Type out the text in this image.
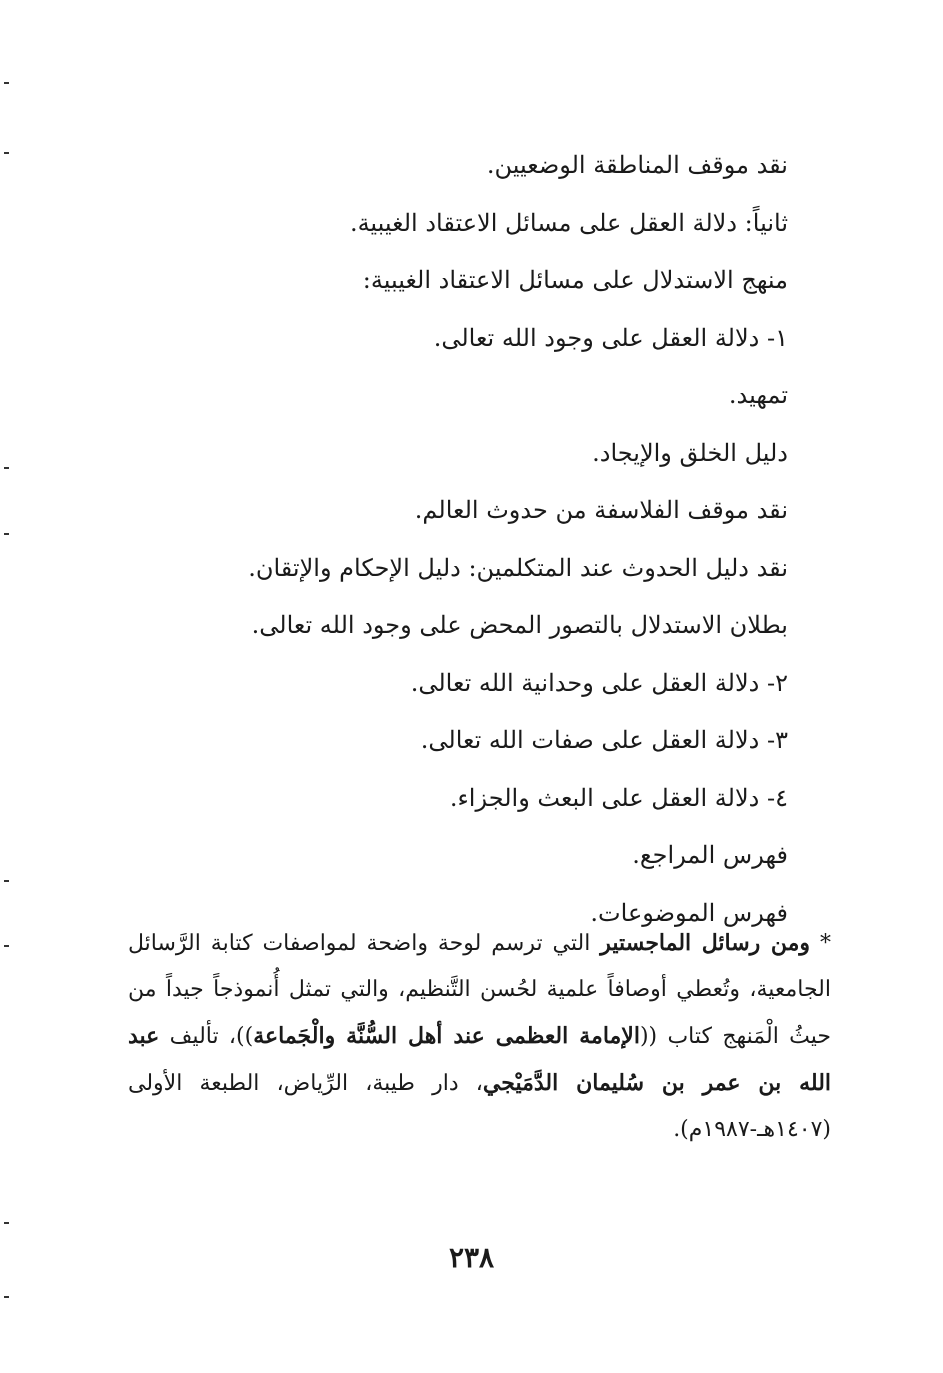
نقد موقف المناطقة الوضعيين.
ثانياً: دلالة العقل على مسائل الاعتقاد الغيبية.
منهج الاستدلال على مسائل الاعتقاد الغيبية:
١- دلالة العقل على وجود الله تعالى.
تمهيد.
دليل الخلق والإيجاد.
نقد موقف الفلاسفة من حدوث العالم.
نقد دليل الحدوث عند المتكلمين: دليل الإحكام والإتقان.
بطلان الاستدلال بالتصور المحض على وجود الله تعالى.
٢- دلالة العقل على وحدانية الله تعالى.
٣- دلالة العقل على صفات الله تعالى.
٤- دلالة العقل على البعث والجزاء.
فهرس المراجع.
فهرس الموضوعات.
* ومن رسائل الماجستير التي ترسم لوحة واضحة لمواصفات كتابة الرَّسائل الجامعية، وتُعطي أوصافاً علمية لحُسن التَّنظيم، والتي تمثل أُنموذجاً جيداً من حيثُ الْمَنهج كتاب ((الإمامة العظمى عند أهل السُّنَّة والْجَماعة))، تأليف عبد الله بن عمر بن سُليمان الدَّمَيْجي، دار طيبة، الرِّياض، الطبعة الأولى (١٤٠٧هـ-١٩٨٧م).
٢٣٨
